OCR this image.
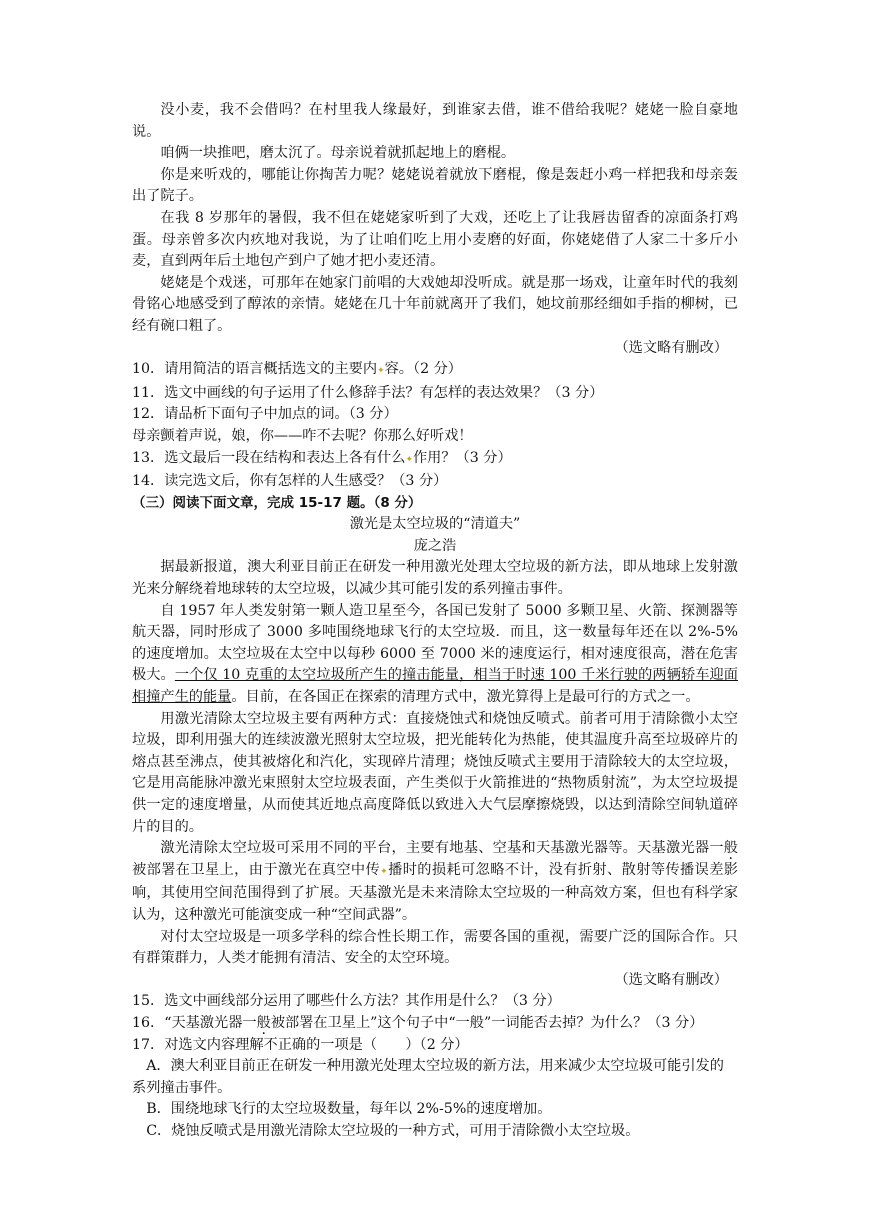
没小麦，我不会借吗？在村里我人缘最好，到谁家去借，谁不借给我呢？姥姥一脸自豪地说。

咱俩一块推吧，磨太沉了。母亲说着就抓起地上的磨棍。

你是来听戏的，哪能让你掏苦力呢？姥姥说着就放下磨棍，像是轰赶小鸡一样把我和母亲轰出了院子。

在我 8 岁那年的暑假，我不但在姥姥家听到了大戏，还吃上了让我唇齿留香的凉面条打鸡蛋。母亲曾多次内疚地对我说，为了让咱们吃上用小麦磨的好面，你姥姥借了人家二十多斤小麦，直到两年后土地包产到户了她才把小麦还清。

姥姥是个戏迷，可那年在她家门前唱的大戏她却没听成。就是那一场戏，让童年时代的我刻骨铭心地感受到了醇浓的亲情。姥姥在几十年前就离开了我们，她坟前那经细如手指的柳树，已经有碗口粗了。

（选文略有删改）

10．请用简洁的语言概括选文的主要内✦容。（2 分）

11．选文中画线的句子运用了什么修辞手法？有怎样的表达效果？（3 分）

12．请品析下面句子中加点的词。（3 分）

母亲颤着声说，娘，你——咋不去呢？你那么好听戏！

13．选文最后一段在结构和表达上各有什么✦作用？（3 分）

14．读完选文后，你有怎样的人生感受？（3 分）

（三）阅读下面文章，完成 15-17 题。（8 分）

激光是太空垃圾的“清道夫”

庞之浩

据最新报道，澳大利亚目前正在研发一种用激光处理太空垃圾的新方法，即从地球上发射激光来分解绕着地球转的太空垃圾，以减少其可能引发的系列撞击事件。

自 1957 年人类发射第一颗人造卫星至今，各国已发射了 5000 多颗卫星、火箭、探测器等航天器，同时形成了 3000 多吨围绕地球飞行的太空垃圾．而且，这一数量每年还在以 2%-5%的速度增加。太空垃圾在太空中以每秒 6000 至 7000 米的速度运行，相对速度很高，潜在危害极大。一个仅 10 克重的太空垃圾所产生的撞击能量，相当于时速 100 千米行驶的两辆轿车迎面相撞产生的能量。目前，在各国正在探索的清理方式中，激光算得上是最可行的方式之一。

用激光清除太空垃圾主要有两种方式：直接烧蚀式和烧蚀反喷式。前者可用于清除微小太空垃圾，即利用强大的连续波激光照射太空垃圾，把光能转化为热能，使其温度升高至垃圾碎片的熔点甚至沸点，使其被熔化和汽化，实现碎片清理；烧蚀反喷式主要用于清除较大的太空垃圾，它是用高能脉冲激光束照射太空垃圾表面，产生类似于火箭推进的“热物质射流”，为太空垃圾提供一定的速度增量，从而使其近地点高度降低以致进入大气层摩擦烧毁，以达到清除空间轨道碎片的目的。

激光清除太空垃圾可采用不同的平台，主要有地基、空基和天基激光器等。天基激光器一般被部署在卫星上，由于激光在真空中传✦播时的损耗可忽略不计，没有折射、散射等传播误差影响，其使用空间范围得到了扩展。天基激光是未来清除太空垃圾的一种高效方案，但也有科学家认为，这种激光可能演变成一种“空间武器”。

对付太空垃圾是一项多学科的综合性长期工作，需要各国的重视，需要广泛的国际合作。只有群策群力，人类才能拥有清洁、安全的太空环境。

（选文略有删改）

15．选文中画线部分运用了哪些什么方法？其作用是什么？（3 分）

16．“天基激光器一般被部署在卫星上”这个句子中“一般”一词能否去掉？为什么？（3 分）

17．对选文内容理解不正确的一项是（　　）（2 分）

A．澳大利亚目前正在研发一种用激光处理太空垃圾的新方法，用来减少太空垃圾可能引发的系列撞击事件。

B．围绕地球飞行的太空垃圾数量，每年以 2%-5%的速度增加。

C．烧蚀反喷式是用激光清除太空垃圾的一种方式，可用于清除微小太空垃圾。
